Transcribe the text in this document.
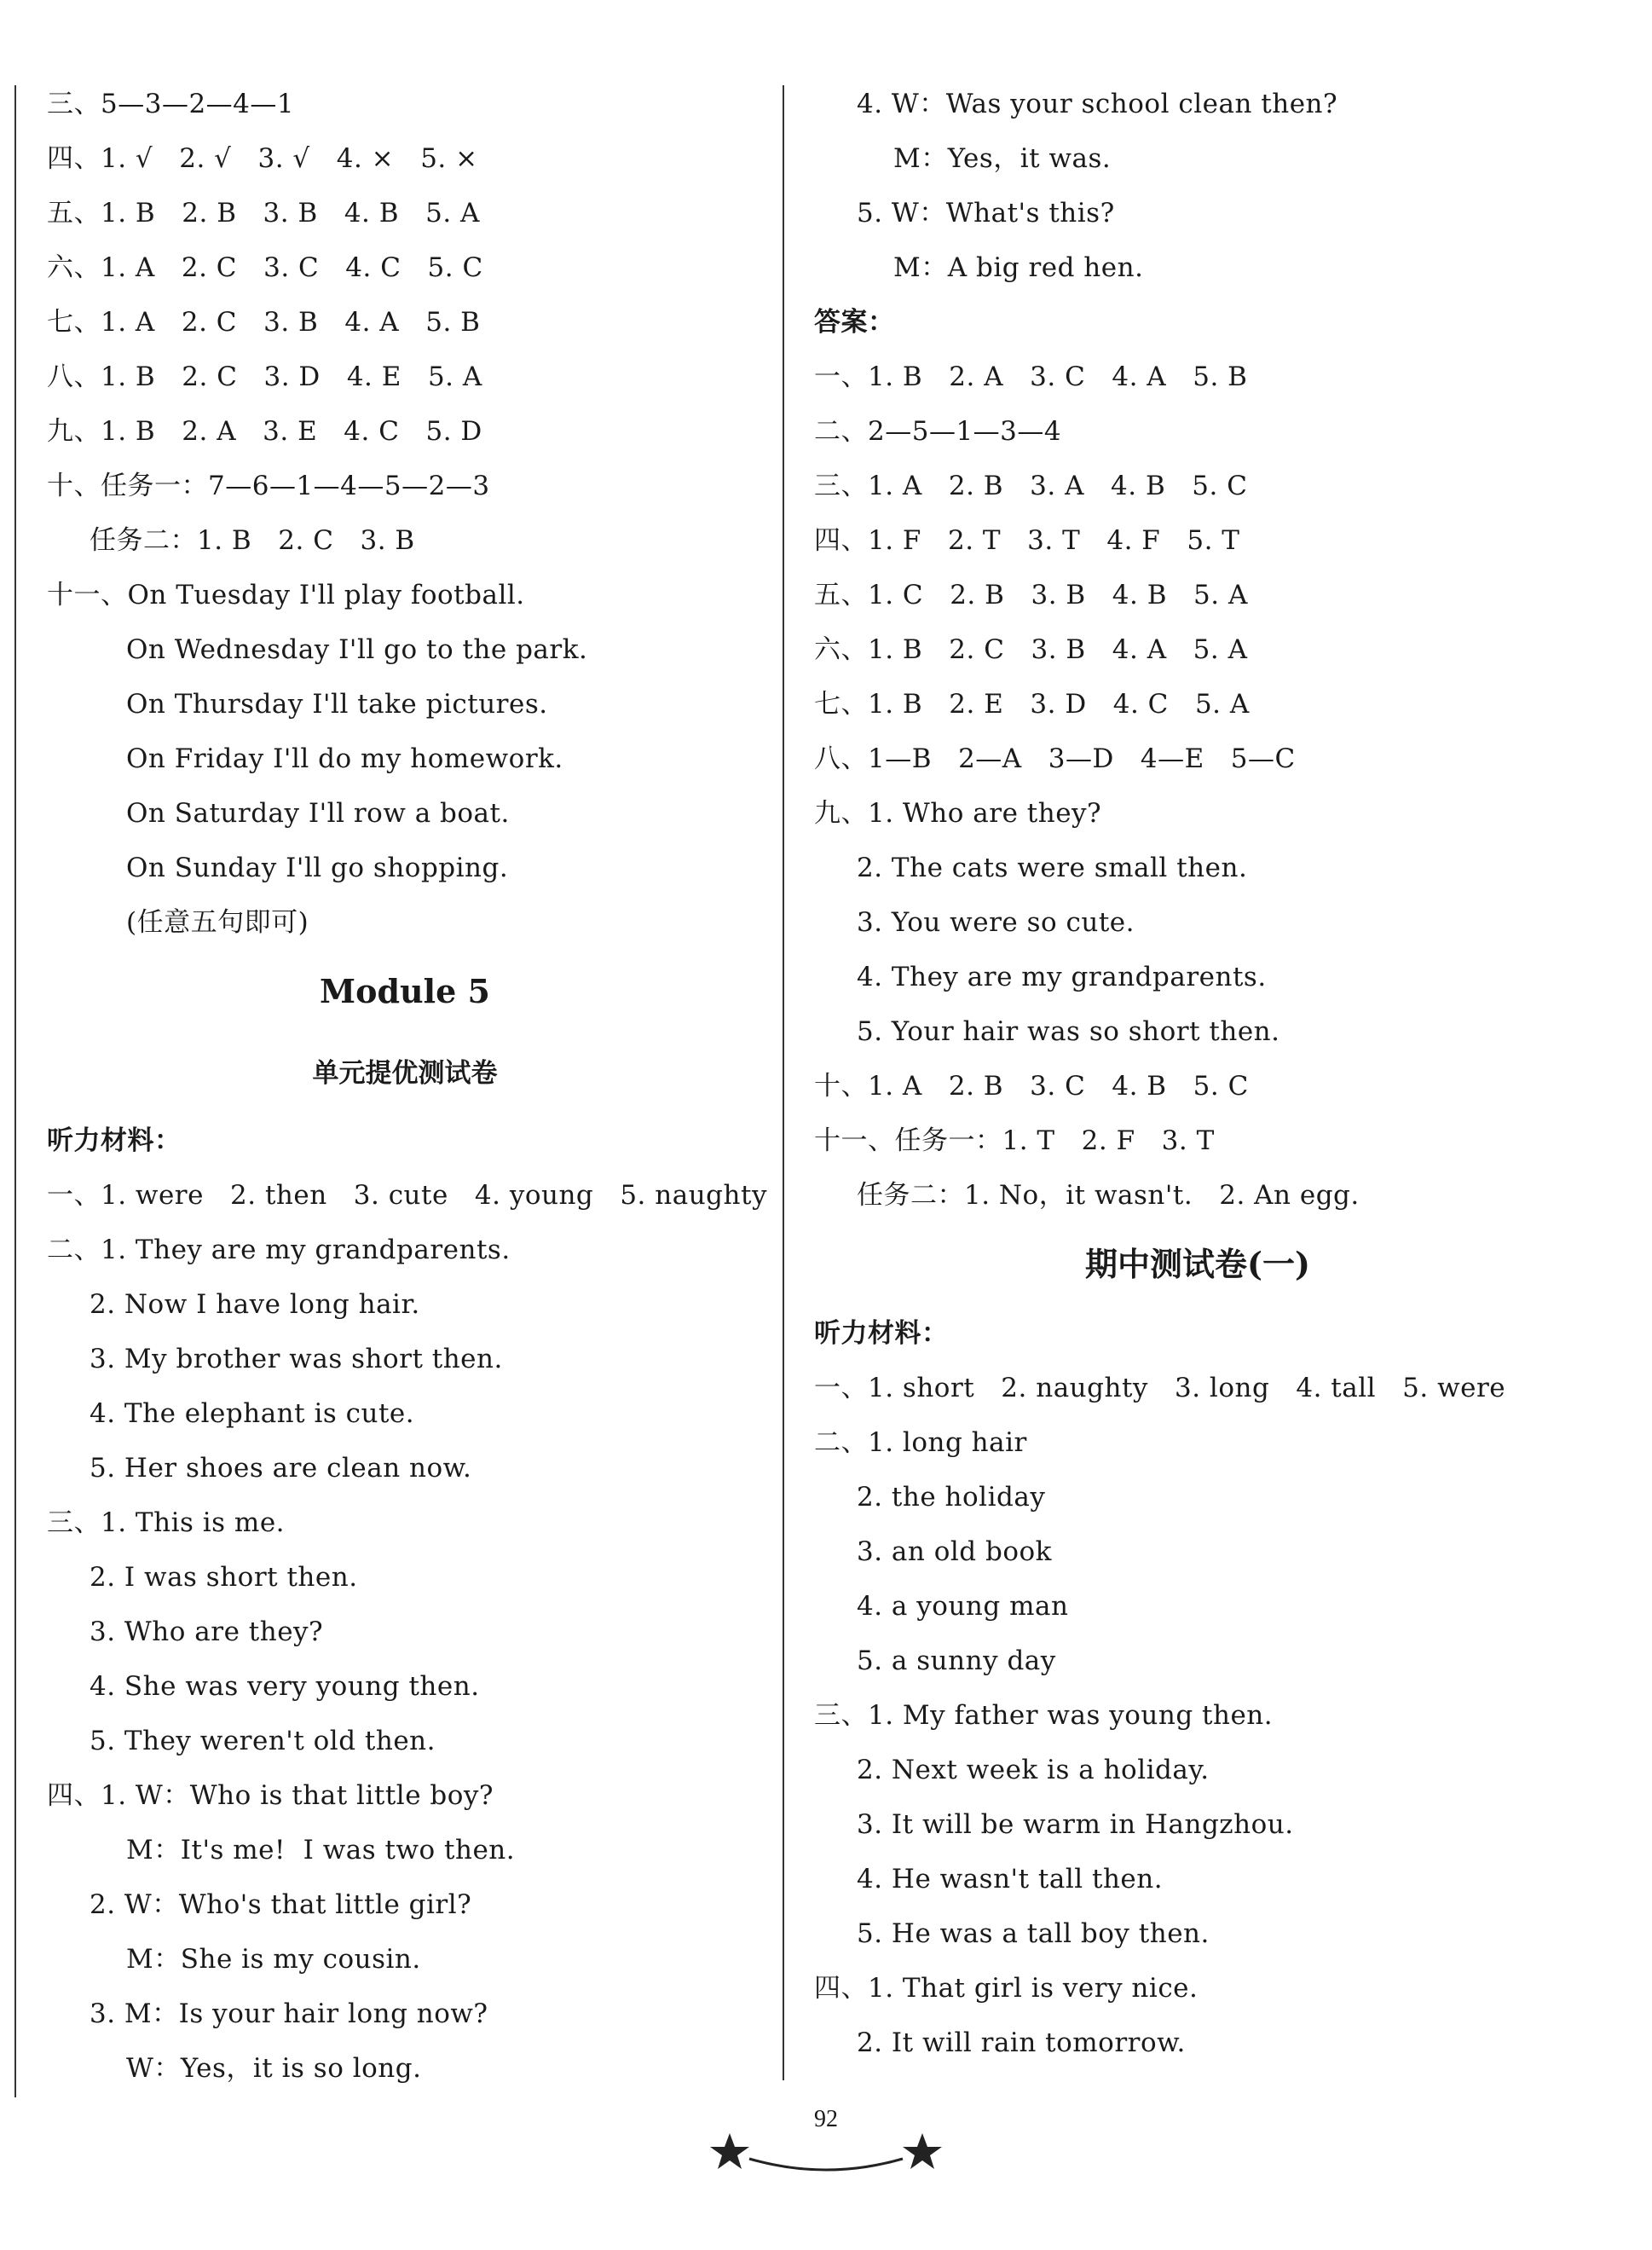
三、5—3—2—4—1
四、1. √   2. √   3. √   4. ×   5. ×
五、1. B   2. B   3. B   4. B   5. A
六、1. A   2. C   3. C   4. C   5. C
七、1. A   2. C   3. B   4. A   5. B
八、1. B   2. C   3. D   4. E   5. A
九、1. B   2. A   3. E   4. C   5. D
十、任务一：7—6—1—4—5—2—3
任务二：1. B   2. C   3. B
十一、On Tuesday I'll play football.
On Wednesday I'll go to the park.
On Thursday I'll take pictures.
On Friday I'll do my homework.
On Saturday I'll row a boat.
On Sunday I'll go shopping.
(任意五句即可)
Module 5
单元提优测试卷
听力材料：
一、1. were   2. then   3. cute   4. young   5. naughty
二、1. They are my grandparents.
2. Now I have long hair.
3. My brother was short then.
4. The elephant is cute.
5. Her shoes are clean now.
三、1. This is me.
2. I was short then.
3. Who are they?
4. She was very young then.
5. They weren't old then.
四、1. W：Who is that little boy?
M：It's me!  I was two then.
2. W：Who's that little girl?
M：She is my cousin.
3. M：Is your hair long now?
W：Yes，it is so long.
4. W：Was your school clean then?
M：Yes，it was.
5. W：What's this?
M：A big red hen.
答案：
一、1. B   2. A   3. C   4. A   5. B
二、2—5—1—3—4
三、1. A   2. B   3. A   4. B   5. C
四、1. F   2. T   3. T   4. F   5. T
五、1. C   2. B   3. B   4. B   5. A
六、1. B   2. C   3. B   4. A   5. A
七、1. B   2. E   3. D   4. C   5. A
八、1—B   2—A   3—D   4—E   5—C
九、1. Who are they?
2. The cats were small then.
3. You were so cute.
4. They are my grandparents.
5. Your hair was so short then.
十、1. A   2. B   3. C   4. B   5. C
十一、任务一：1. T   2. F   3. T
任务二：1. No，it wasn't.   2. An egg.
期中测试卷(一)
听力材料：
一、1. short   2. naughty   3. long   4. tall   5. were
二、1. long hair
2. the holiday
3. an old book
4. a young man
5. a sunny day
三、1. My father was young then.
2. Next week is a holiday.
3. It will be warm in Hangzhou.
4. He wasn't tall then.
5. He was a tall boy then.
四、1. That girl is very nice.
2. It will rain tomorrow.
92
